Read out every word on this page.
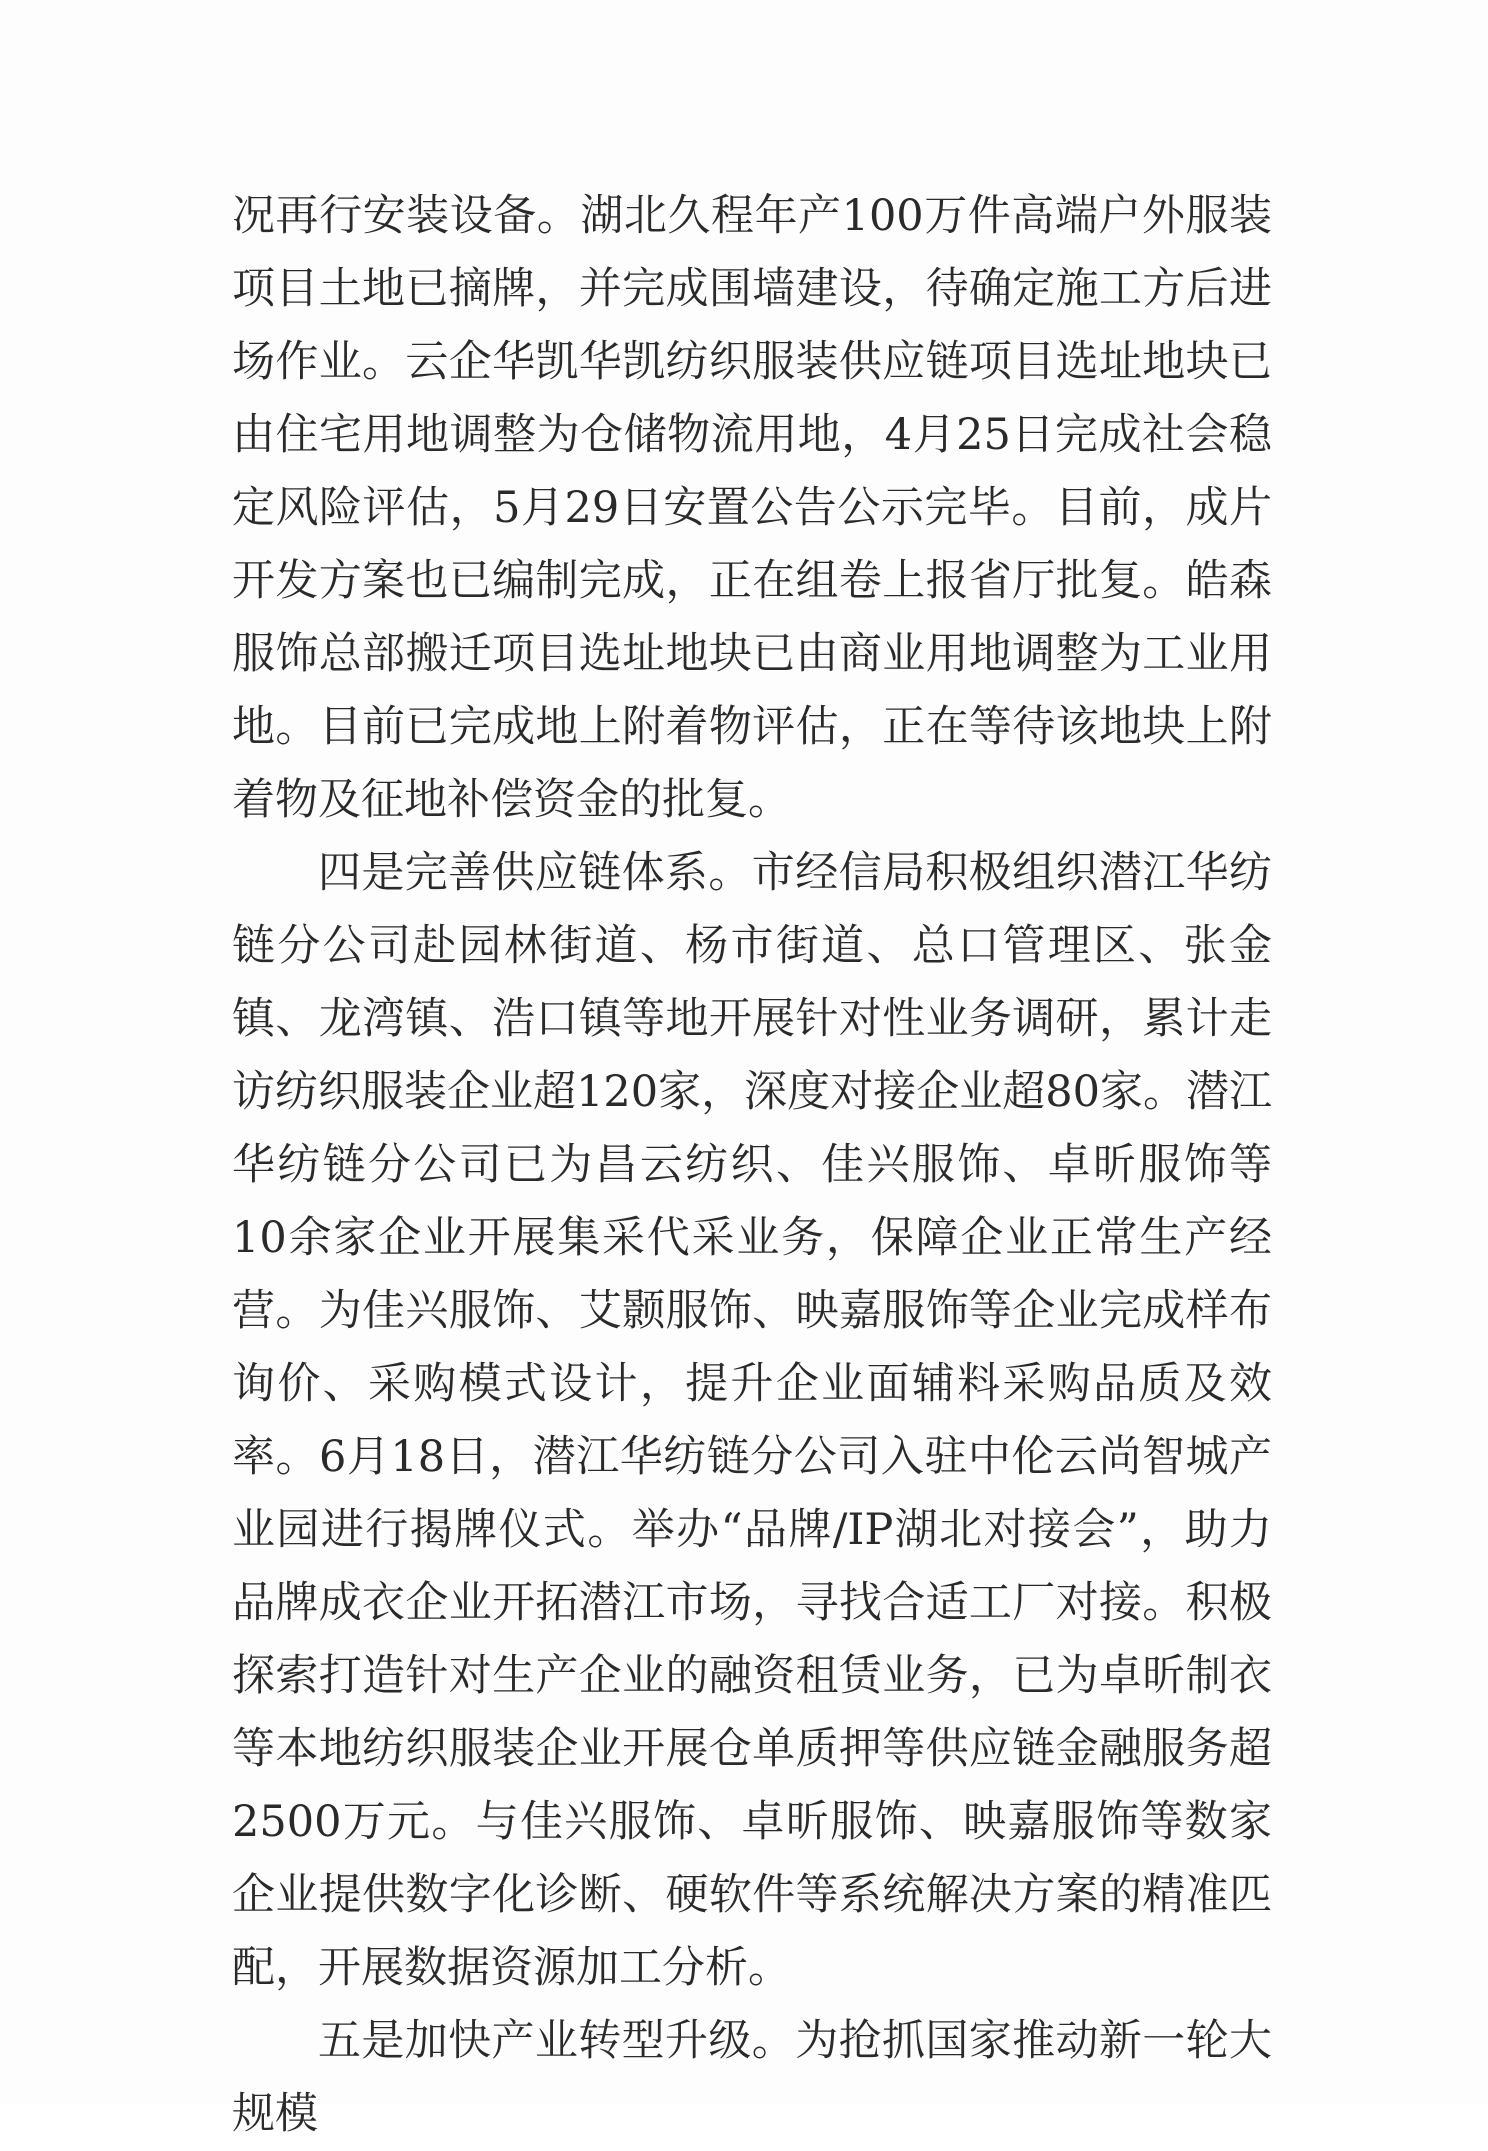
况再行安装设备。湖北久程年产100万件高端户外服装项目土地已摘牌，并完成围墙建设，待确定施工方后进场作业。云企华凯华凯纺织服装供应链项目选址地块已由住宅用地调整为仓储物流用地，4月25日完成社会稳定风险评估，5月29日安置公告公示完毕。目前，成片开发方案也已编制完成，正在组卷上报省厅批复。皓森服饰总部搬迁项目选址地块已由商业用地调整为工业用地。目前已完成地上附着物评估，正在等待该地块上附着物及征地补偿资金的批复。

四是完善供应链体系。市经信局积极组织潜江华纺链分公司赴园林街道、杨市街道、总口管理区、张金镇、龙湾镇、浩口镇等地开展针对性业务调研，累计走访纺织服装企业超120家，深度对接企业超80家。潜江华纺链分公司已为昌云纺织、佳兴服饰、卓昕服饰等10余家企业开展集采代采业务，保障企业正常生产经营。为佳兴服饰、艾颢服饰、映嘉服饰等企业完成样布询价、采购模式设计，提升企业面辅料采购品质及效率。6月18日，潜江华纺链分公司入驻中伦云尚智城产业园进行揭牌仪式。举办“品牌/IP湖北对接会”，助力品牌成衣企业开拓潜江市场，寻找合适工厂对接。积极探索打造针对生产企业的融资租赁业务，已为卓昕制衣等本地纺织服装企业开展仓单质押等供应链金融服务超2500万元。与佳兴服饰、卓昕服饰、映嘉服饰等数家企业提供数字化诊断、硬软件等系统解决方案的精准匹配，开展数据资源加工分析。

五是加快产业转型升级。为抢抓国家推动新一轮大规模
